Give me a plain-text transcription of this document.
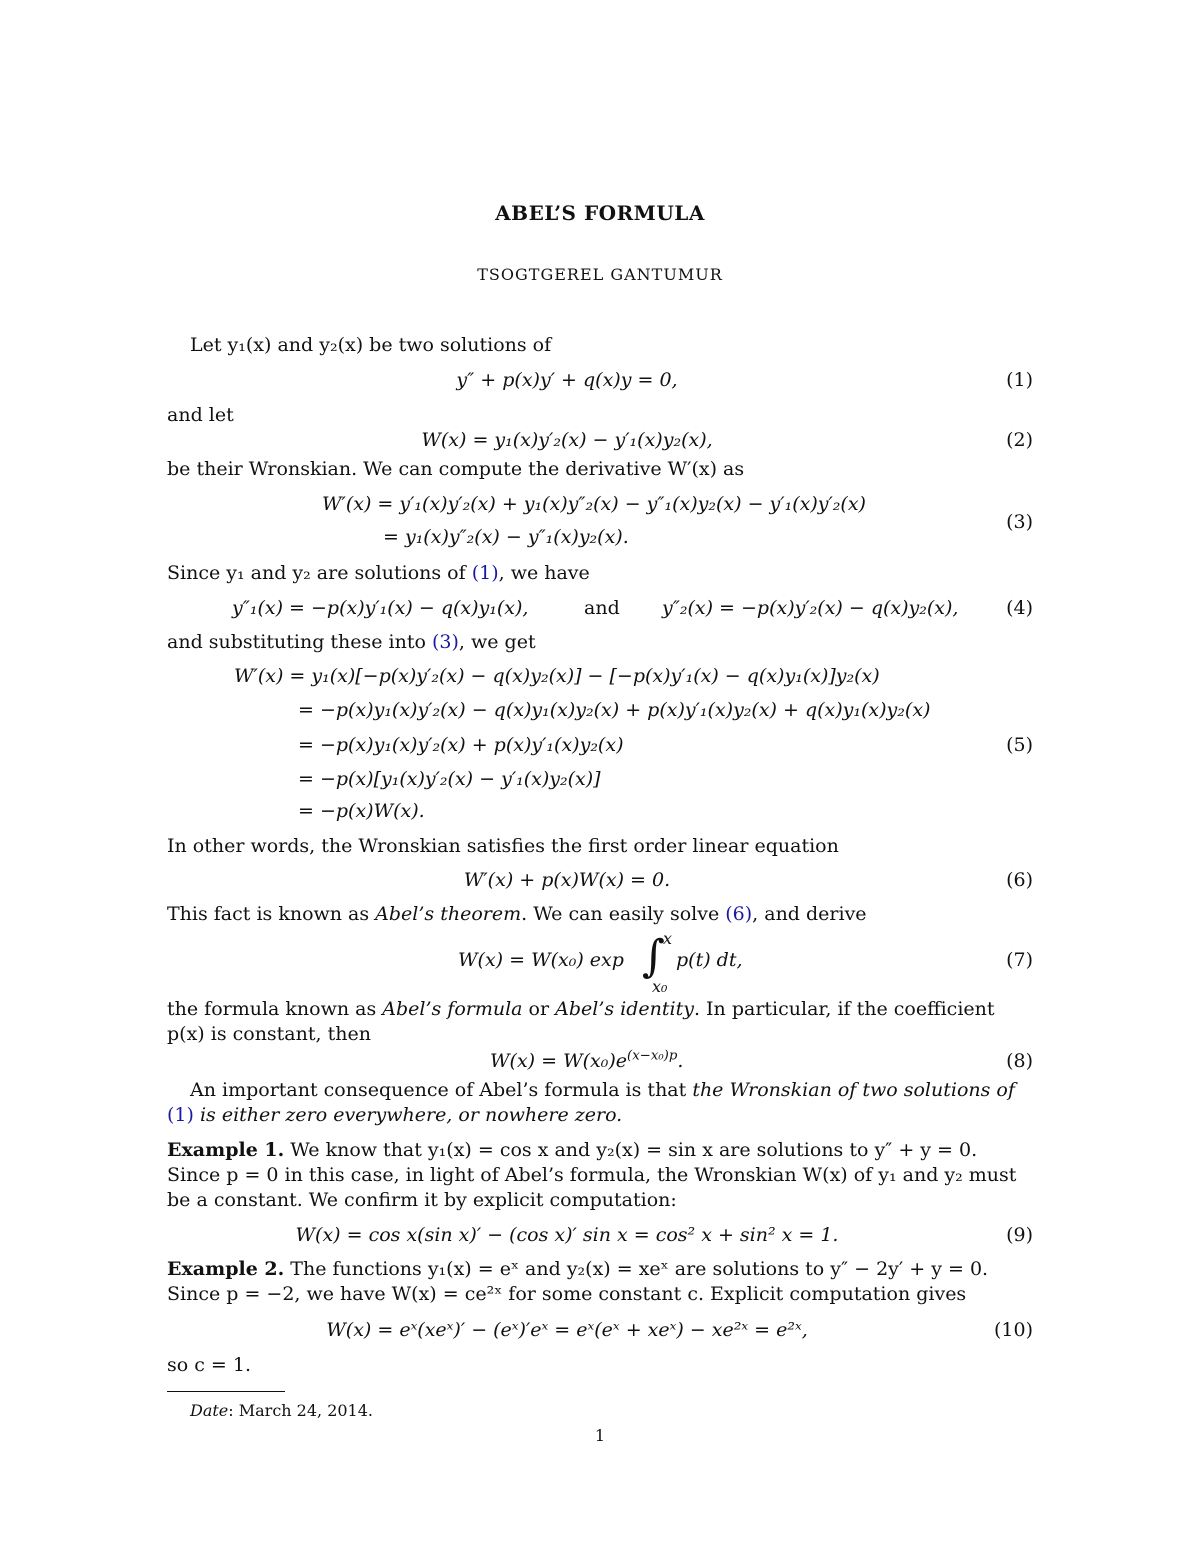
ABEL’S FORMULA
TSOGTGEREL GANTUMUR
Let y₁(x) and y₂(x) be two solutions of
y″ + p(x)y′ + q(x)y = 0,	(1)
and let
W(x) = y₁(x)y′₂(x) − y′₁(x)y₂(x),	(2)
be their Wronskian. We can compute the derivative W′(x) as
W′(x) = y′₁(x)y′₂(x) + y₁(x)y″₂(x) − y″₁(x)y₂(x) − y′₁(x)y′₂(x)
= y₁(x)y″₂(x) − y″₁(x)y₂(x).
(3)
Since y₁ and y₂ are solutions of (1), we have
y″₁(x) = −p(x)y′₁(x) − q(x)y₁(x),	and y″₂(x) = −p(x)y′₂(x) − q(x)y₂(x),	(4)
and substituting these into (3), we get
W′(x) = y₁(x)[−p(x)y′₂(x) − q(x)y₂(x)] − [−p(x)y′₁(x) − q(x)y₁(x)]y₂(x)
= −p(x)y₁(x)y′₂(x) − q(x)y₁(x)y₂(x) + p(x)y′₁(x)y₂(x) + q(x)y₁(x)y₂(x)
= −p(x)y₁(x)y′₂(x) + p(x)y′₁(x)y₂(x)
= −p(x)[y₁(x)y′₂(x) − y′₁(x)y₂(x)]
= −p(x)W(x).
(5)
In other words, the Wronskian satisfies the first order linear equation
W′(x) + p(x)W(x) = 0.	(6)
This fact is known as Abel’s theorem. We can easily solve (6), and derive
W(x) = W(x₀) exp ∫
x
x₀
p(t) dt,	(7)
the formula known as Abel’s formula or Abel’s identity. In particular, if the coefficient p(x) is constant, then
$W(x) = W(x_0)e^{(x-x_0)p}$.	(8)
An important consequence of Abel’s formula is that the Wronskian of two solutions of (1) is either zero everywhere, or nowhere zero.
Example 1. We know that y₁(x) = cos x and y₂(x) = sin x are solutions to y″ + y = 0. Since p = 0 in this case, in light of Abel’s formula, the Wronskian W(x) of y₁ and y₂ must be a constant. We confirm it by explicit computation:
W(x) = cos x(sin x)′ − (cos x)′ sin x = cos² x + sin² x = 1.	(9)
Example 2. The functions y₁(x) = eˣ and y₂(x) = xeˣ are solutions to y″ − 2y′ + y = 0. Since p = −2, we have W(x) = ce²ˣ for some constant c. Explicit computation gives
W(x) = eˣ(xeˣ)′ − (eˣ)′eˣ = eˣ(eˣ + xeˣ) − xe²ˣ = e²ˣ,	(10)
so c = 1.
Date: March 24, 2014.
1
